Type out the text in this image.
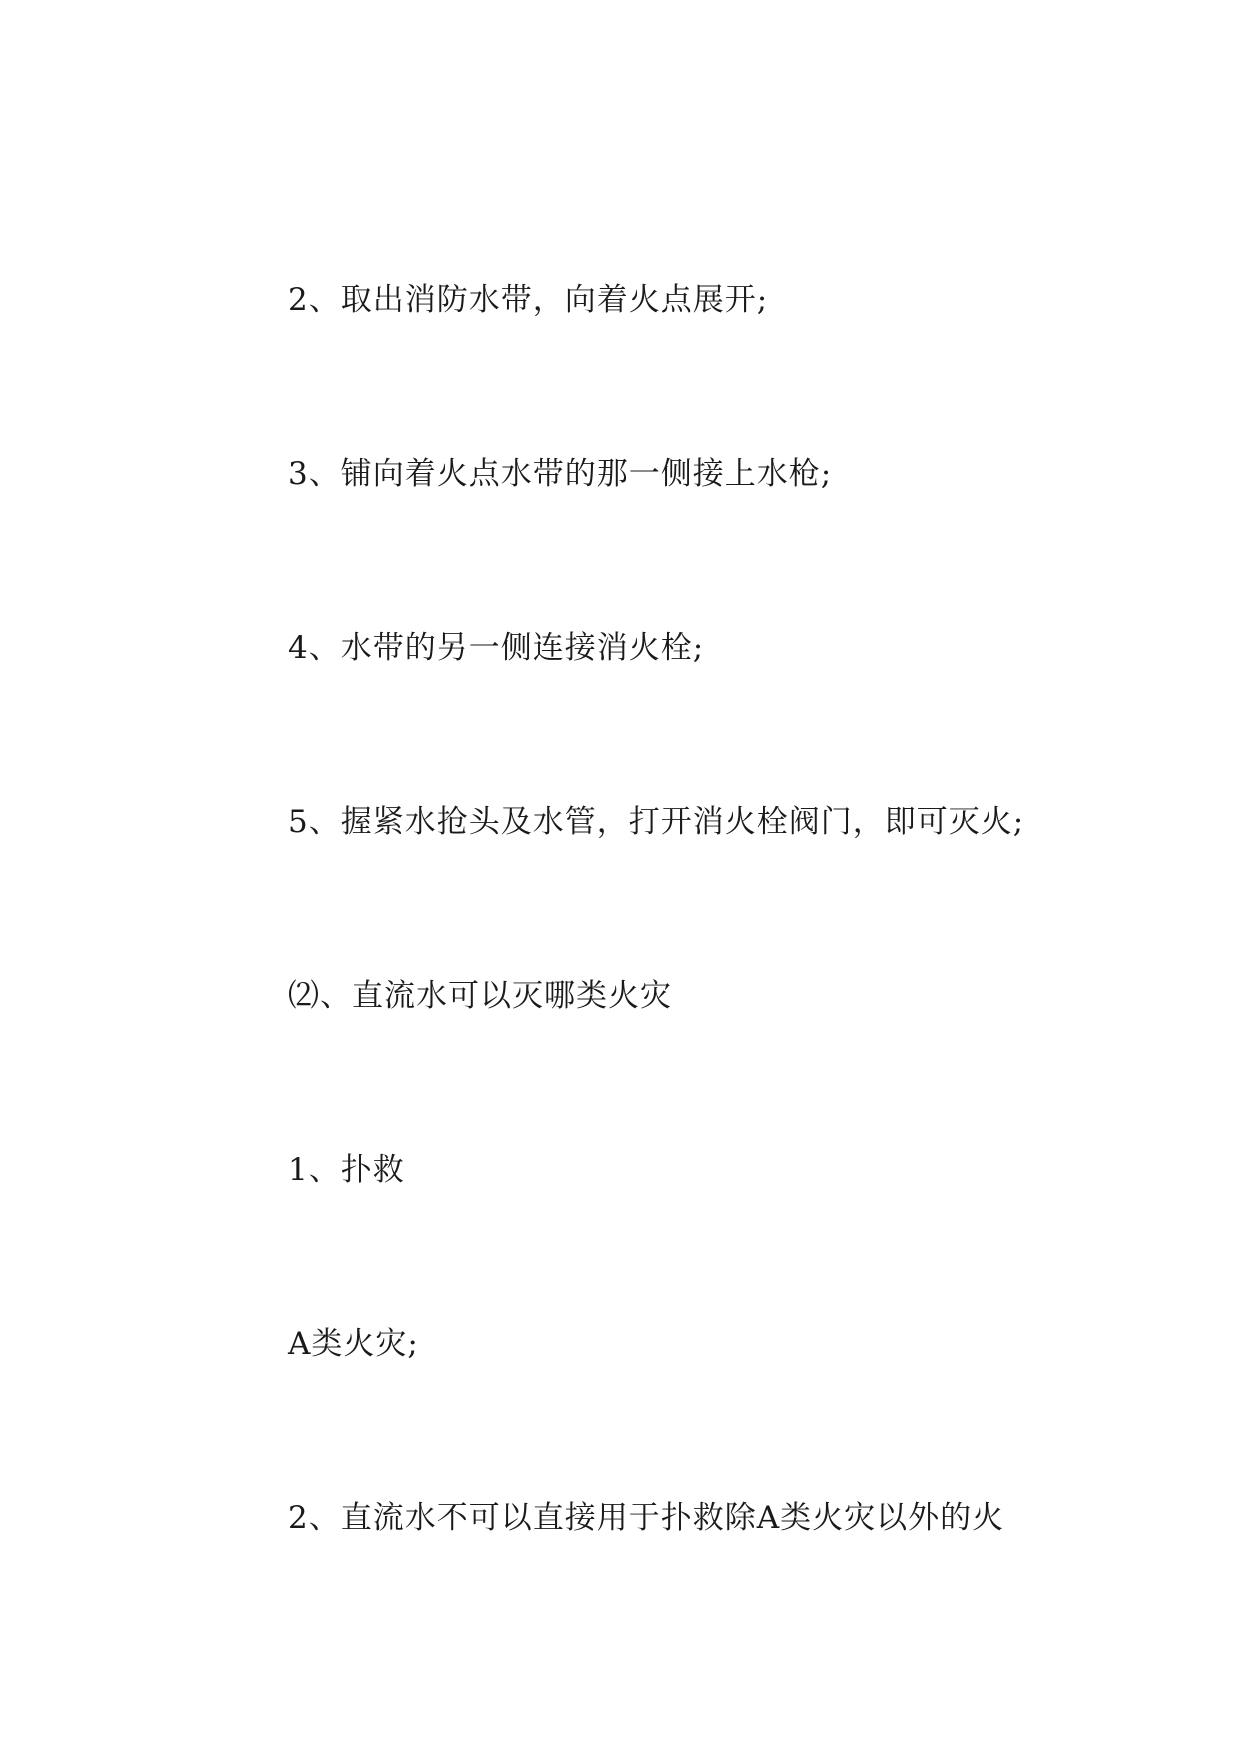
2、取出消防水带，向着火点展开;
3、铺向着火点水带的那一侧接上水枪;
4、水带的另一侧连接消火栓;
5、握紧水抢头及水管，打开消火栓阀门，即可灭火;
⑵、直流水可以灭哪类火灾
1、扑救
A类火灾;
2、直流水不可以直接用于扑救除A类火灾以外的火
